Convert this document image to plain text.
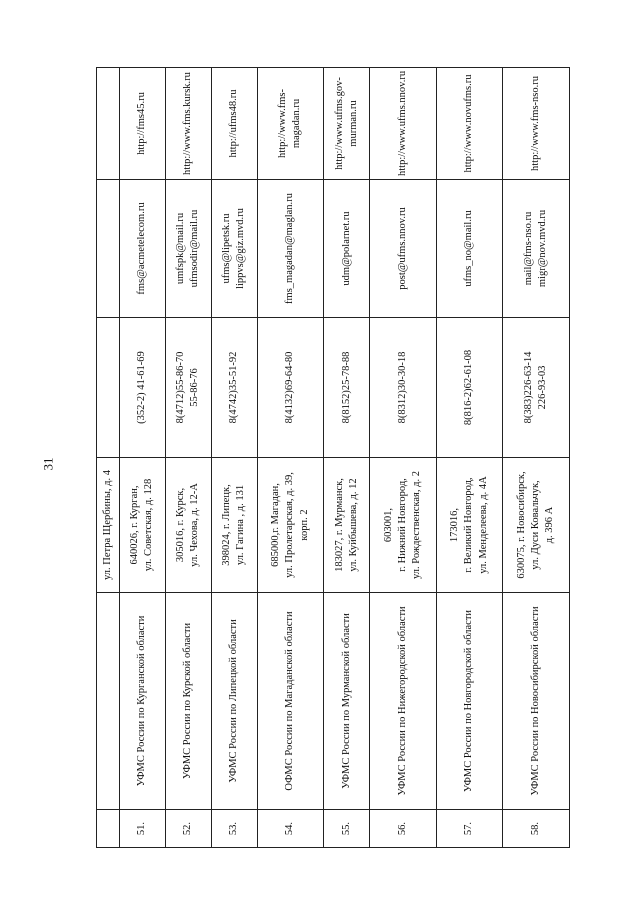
31
		ул. Петра Щербины, д. 4			
51.	УФМС России по Курганской области	640026, г. Курган, ул. Советская, д. 128	(352-2) 41-61-69	fms@acmetelecom.ru	http://fms45.ru

52.	УФМС России по Курской области	305016, г. Курск, ул. Чехова, д. 12-А	8(4712)55-86-70 55-86-76	umfspk@mail.ru ufmsodir@mail.ru	http://www.fms.kursk.ru

53.	УФМС России по Липецкой области	398024, г. Липецк, ул. Гагина , д. 131	8(4742)35-51-92	ufms@lipetsk.ru lippvs@giz.mvd.ru	http://ufms48.ru

54.	ОФМС России по Магаданской области	685000,г. Магадан, ул. Пролетарская, д. 39, корп. 2	8(4132)69-64-80	fms_magadan@maglan.ru	http://www.fms- magadan.ru

55.	УФМС России по Мурманской области	183027, г. Мурманск, ул. Куйбышева, д. 12	8(8152)25-78-88	udm@polarnet.ru	http://www.ufms.gov- murman.ru

56.	УФМС России по Нижегородской области	603001, г. Нижний Новгород, ул. Рождественская, д. 2	8(8312)30-30-18	post@ufms.nnov.ru	http://www.ufms.nnov.ru

57.	УФМС России по Новгородской области	173016, г. Великий Новгород, ул. Менделеева, д. 4А	8(816-2)62-61-08	ufms_no@mail.ru	http://www.novufms.ru

58.	УФМС России по Новосибирской области	630075, г. Новосибирск, ул. Дуси Ковальчук, д. 396 А	8(383)226-63-14 226-93-03	mail@fms-nso.ru migr@nov.mvd.ru	http://www.fms-nso.ru
